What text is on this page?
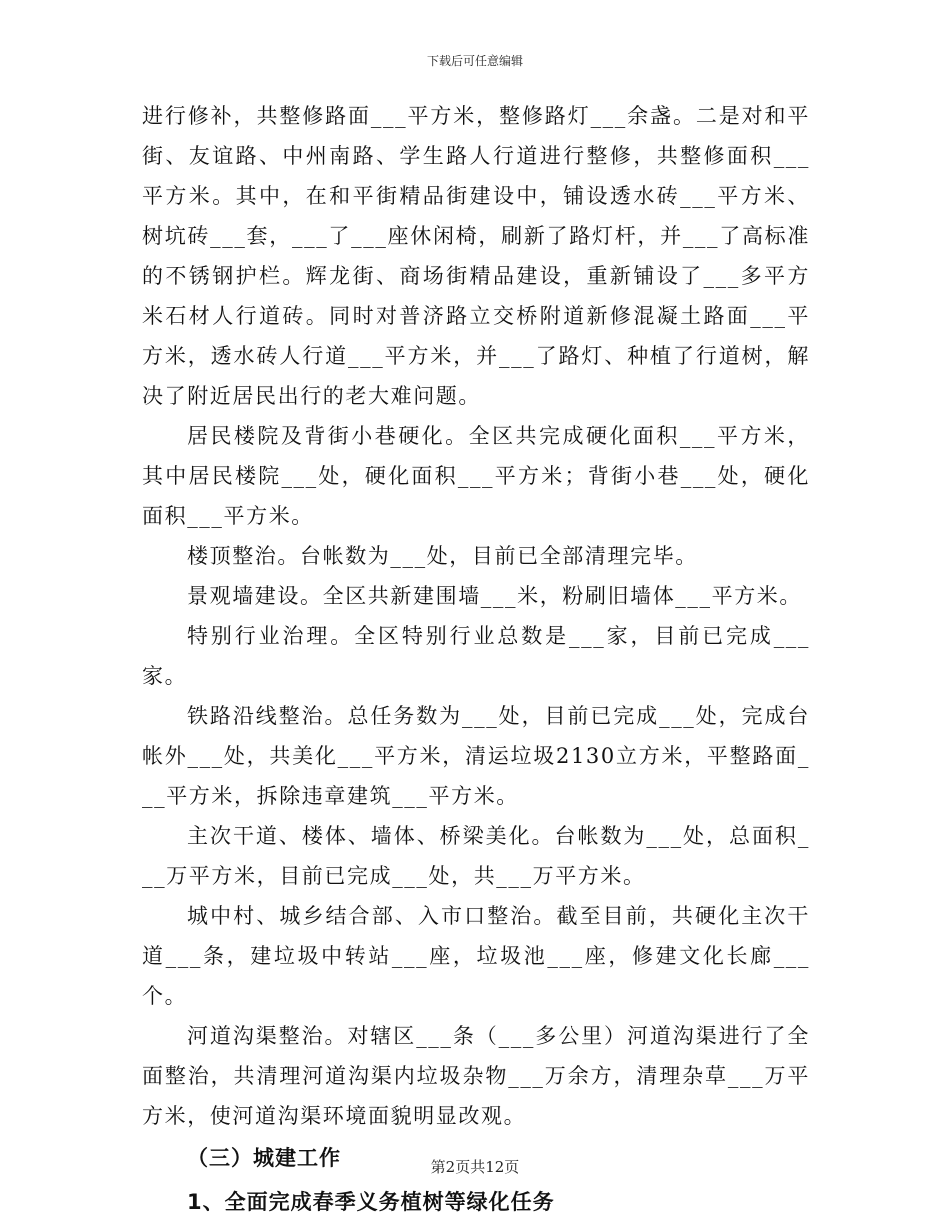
下载后可任意编辑

进行修补，共整修路面___平方米，整修路灯___余盏。二是对和平街、友谊路、中州南路、学生路人行道进行整修，共整修面积___平方米。其中，在和平街精品街建设中，铺设透水砖___平方米、树坑砖___套，___了___座休闲椅，刷新了路灯杆，并___了高标准的不锈钢护栏。辉龙街、商场街精品建设，重新铺设了___多平方米石材人行道砖。同时对普济路立交桥附道新修混凝土路面___平方米，透水砖人行道___平方米，并___了路灯、种植了行道树，解决了附近居民出行的老大难问题。

居民楼院及背街小巷硬化。全区共完成硬化面积___平方米，其中居民楼院___处，硬化面积___平方米；背街小巷___处，硬化面积___平方米。

楼顶整治。台帐数为___处，目前已全部清理完毕。

景观墙建设。全区共新建围墙___米，粉刷旧墙体___平方米。

特别行业治理。全区特别行业总数是___家，目前已完成___家。

铁路沿线整治。总任务数为___处，目前已完成___处，完成台帐外___处，共美化___平方米，清运垃圾2130立方米，平整路面___平方米，拆除违章建筑___平方米。

主次干道、楼体、墙体、桥梁美化。台帐数为___处，总面积___万平方米，目前已完成___处，共___万平方米。

城中村、城乡结合部、入市口整治。截至目前，共硬化主次干道___条，建垃圾中转站___座，垃圾池___座，修建文化长廊___个。

河道沟渠整治。对辖区___条（___多公里）河道沟渠进行了全面整治，共清理河道沟渠内垃圾杂物___万余方，清理杂草___万平方米，使河道沟渠环境面貌明显改观。

（三）城建工作

1、全面完成春季义务植树等绿化任务

第2页共12页
